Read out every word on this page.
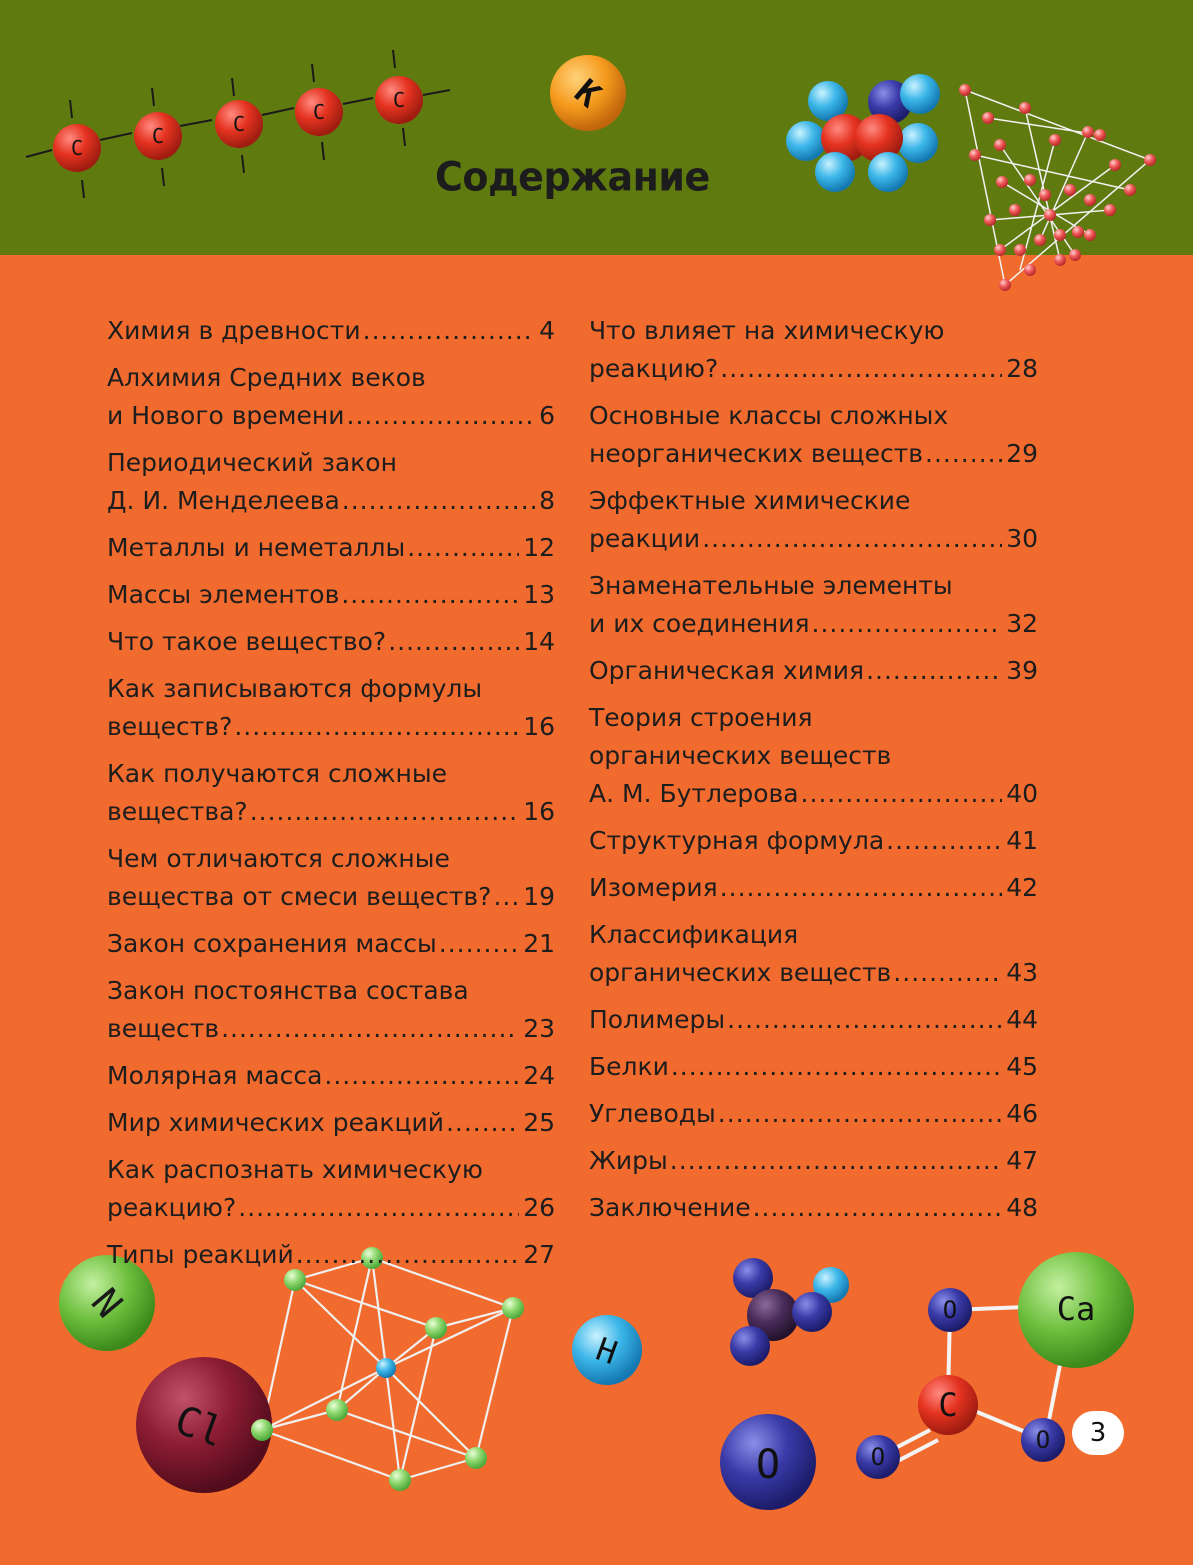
C	C	C	C	C	K
N
Cl
H
Ca
O
C
O
O
O
Содержание
Химия в древности .....	4
Алхимия Средних веков
и Нового времени .....	6
Периодический закон
Д. И. Менделеева .....	8
Металлы и неметаллы .....	12
Массы элементов .....	13
Что такое вещество? .....	14
Как записываются формулы
веществ? .....	16
Как получаются сложные
вещества? .....	16
Чем отличаются сложные
вещества от смеси веществ? ..... 19
Закон сохранения массы .....	21
Закон постоянства состава
веществ .....	23
Молярная масса .....	24
Мир химических реакций .....	25
Как распознать химическую
реакцию? .....	26
Типы реакций .....	27
Что влияет на химическую
реакцию? .....	28
Основные классы сложных
неорганических веществ .....	29
Эффектные химические
реакции .....	30
Знаменательные элементы
и их соединения .....	32
Органическая химия .....	39
Теория строения
органических веществ
А. М. Бутлерова .....	40
Структурная формула .....	41
Изомерия .....	42
Классификация
органических веществ .....	43
Полимеры .....	44
Белки .....	45
Углеводы .....	46
Жиры .....	47
Заключение .....	48
3
